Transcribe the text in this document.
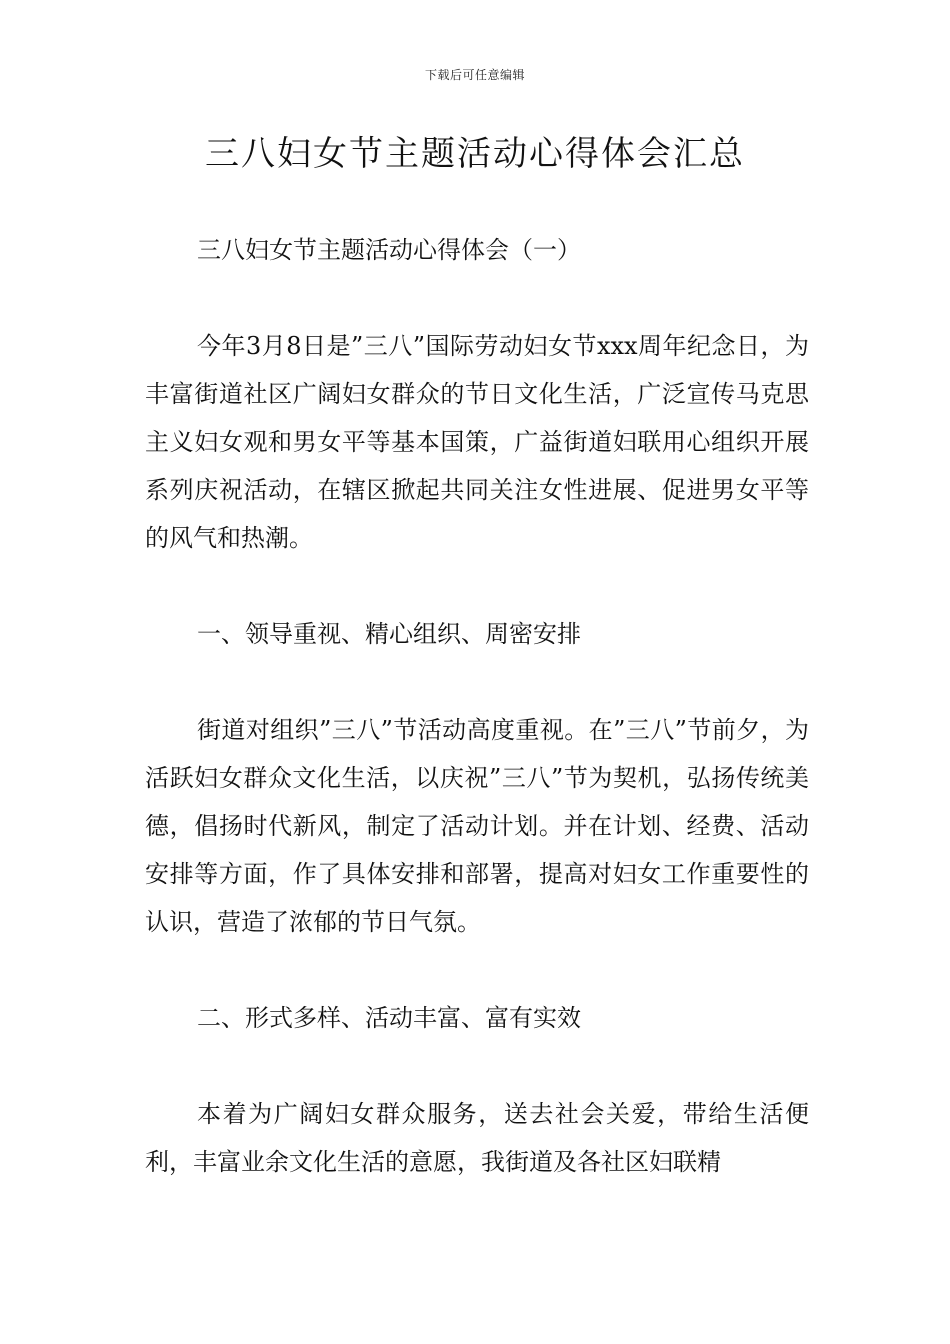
下载后可任意编辑
三八妇女节主题活动心得体会汇总

三八妇女节主题活动心得体会（一）

今年3月8日是”三八”国际劳动妇女节xxx周年纪念日，为丰富街道社区广阔妇女群众的节日文化生活，广泛宣传马克思主义妇女观和男女平等基本国策，广益街道妇联用心组织开展系列庆祝活动，在辖区掀起共同关注女性进展、促进男女平等的风气和热潮。

一、领导重视、精心组织、周密安排

街道对组织”三八”节活动高度重视。在”三八”节前夕，为活跃妇女群众文化生活，以庆祝”三八”节为契机，弘扬传统美德，倡扬时代新风，制定了活动计划。并在计划、经费、活动安排等方面，作了具体安排和部署，提高对妇女工作重要性的认识，营造了浓郁的节日气氛。

二、形式多样、活动丰富、富有实效

本着为广阔妇女群众服务，送去社会关爱，带给生活便利，丰富业余文化生活的意愿，我街道及各社区妇联精
